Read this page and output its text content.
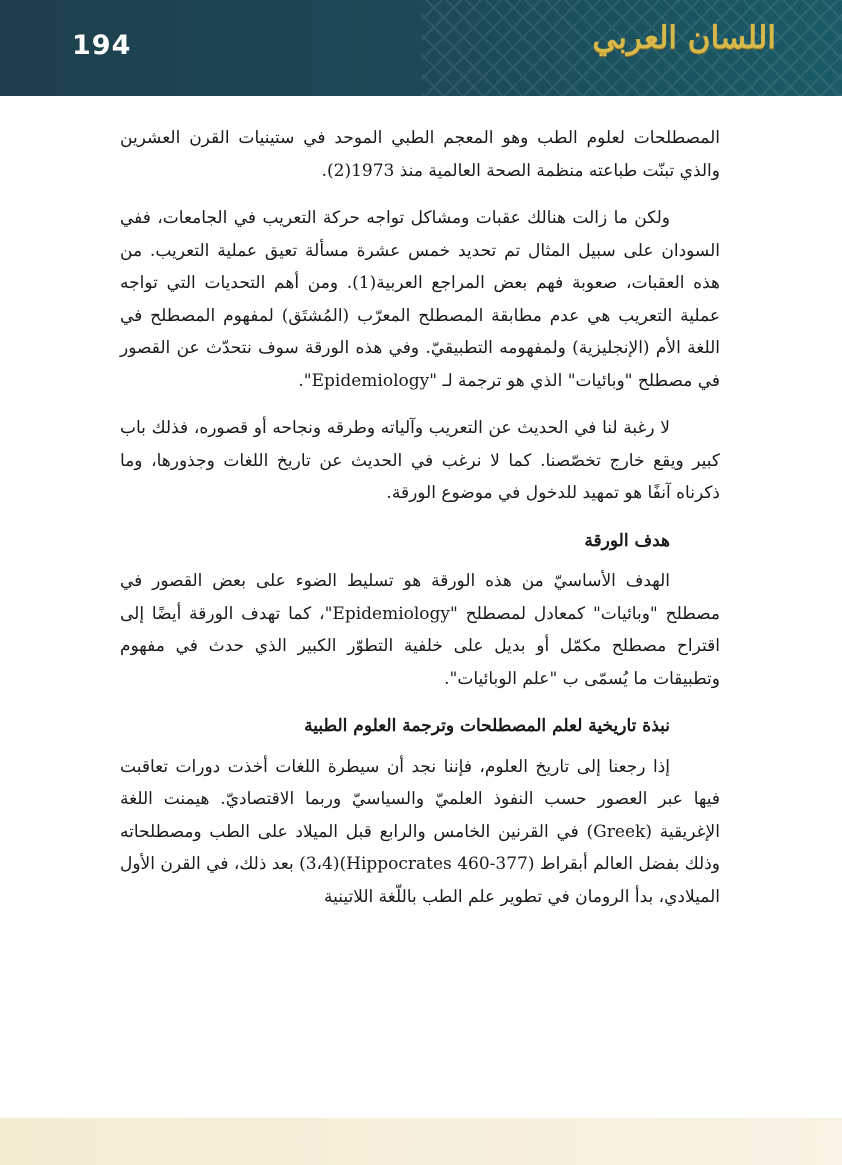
194	اللسان العربي

المصطلحات لعلوم الطب وهو المعجم الطبي الموحد في ستينيات القرن العشرين والذي تبنّت طباعته منظمة الصحة العالمية منذ 1973(2).

ولكن ما زالت هنالك عقبات ومشاكل تواجه حركة التعريب في الجامعات، ففي السودان على سبيل المثال تم تحديد خمس عشرة مسألة تعيق عملية التعريب. من هذه العقبات، صعوبة فهم بعض المراجع العربية(1). ومن أهم التحديات التي تواجه عملية التعريب هي عدم مطابقة المصطلح المعرّب (المُشتَق) لمفهوم المصطلح في اللغة الأم (الإنجليزية) ولمفهومه التطبيقيّ. وفي هذه الورقة سوف نتحدّث عن القصور في مصطلح "وبائيات" الذي هو ترجمة لـ "Epidemiology".

لا رغبة لنا في الحديث عن التعريب وآلياته وطرقه ونجاحه أو قصوره، فذلك باب كبير ويقع خارج تخصّصنا. كما لا نرغب في الحديث عن تاريخ اللغات وجذورها، وما ذكرناه آنفًا هو تمهيد للدخول في موضوع الورقة.

هدف الورقة

الهدف الأساسيّ من هذه الورقة هو تسليط الضوء على بعض القصور في مصطلح "وبائيات" كمعادل لمصطلح "Epidemiology"، كما تهدف الورقة أيضًا إلى اقتراح مصطلح مكمّل أو بديل على خلفية التطوّر الكبير الذي حدث في مفهوم وتطبيقات ما يُسمّى ب "علم الوبائيات".

نبذة تاريخية لعلم المصطلحات وترجمة العلوم الطبية

إذا رجعنا إلى تاريخ العلوم، فإننا نجد أن سيطرة اللغات أخذت دورات تعاقبت فيها عبر العصور حسب النفوذ العلميّ والسياسيّ وربما الاقتصاديّ. هيمنت اللغة الإغريقية (Greek) في القرنين الخامس والرابع قبل الميلاد على الطب ومصطلحاته وذلك بفضل العالم أبقراط (Hippocrates 460-377)(3،4) بعد ذلك، في القرن الأول الميلادي، بدأ الرومان في تطوير علم الطب باللّغة اللاتينية
